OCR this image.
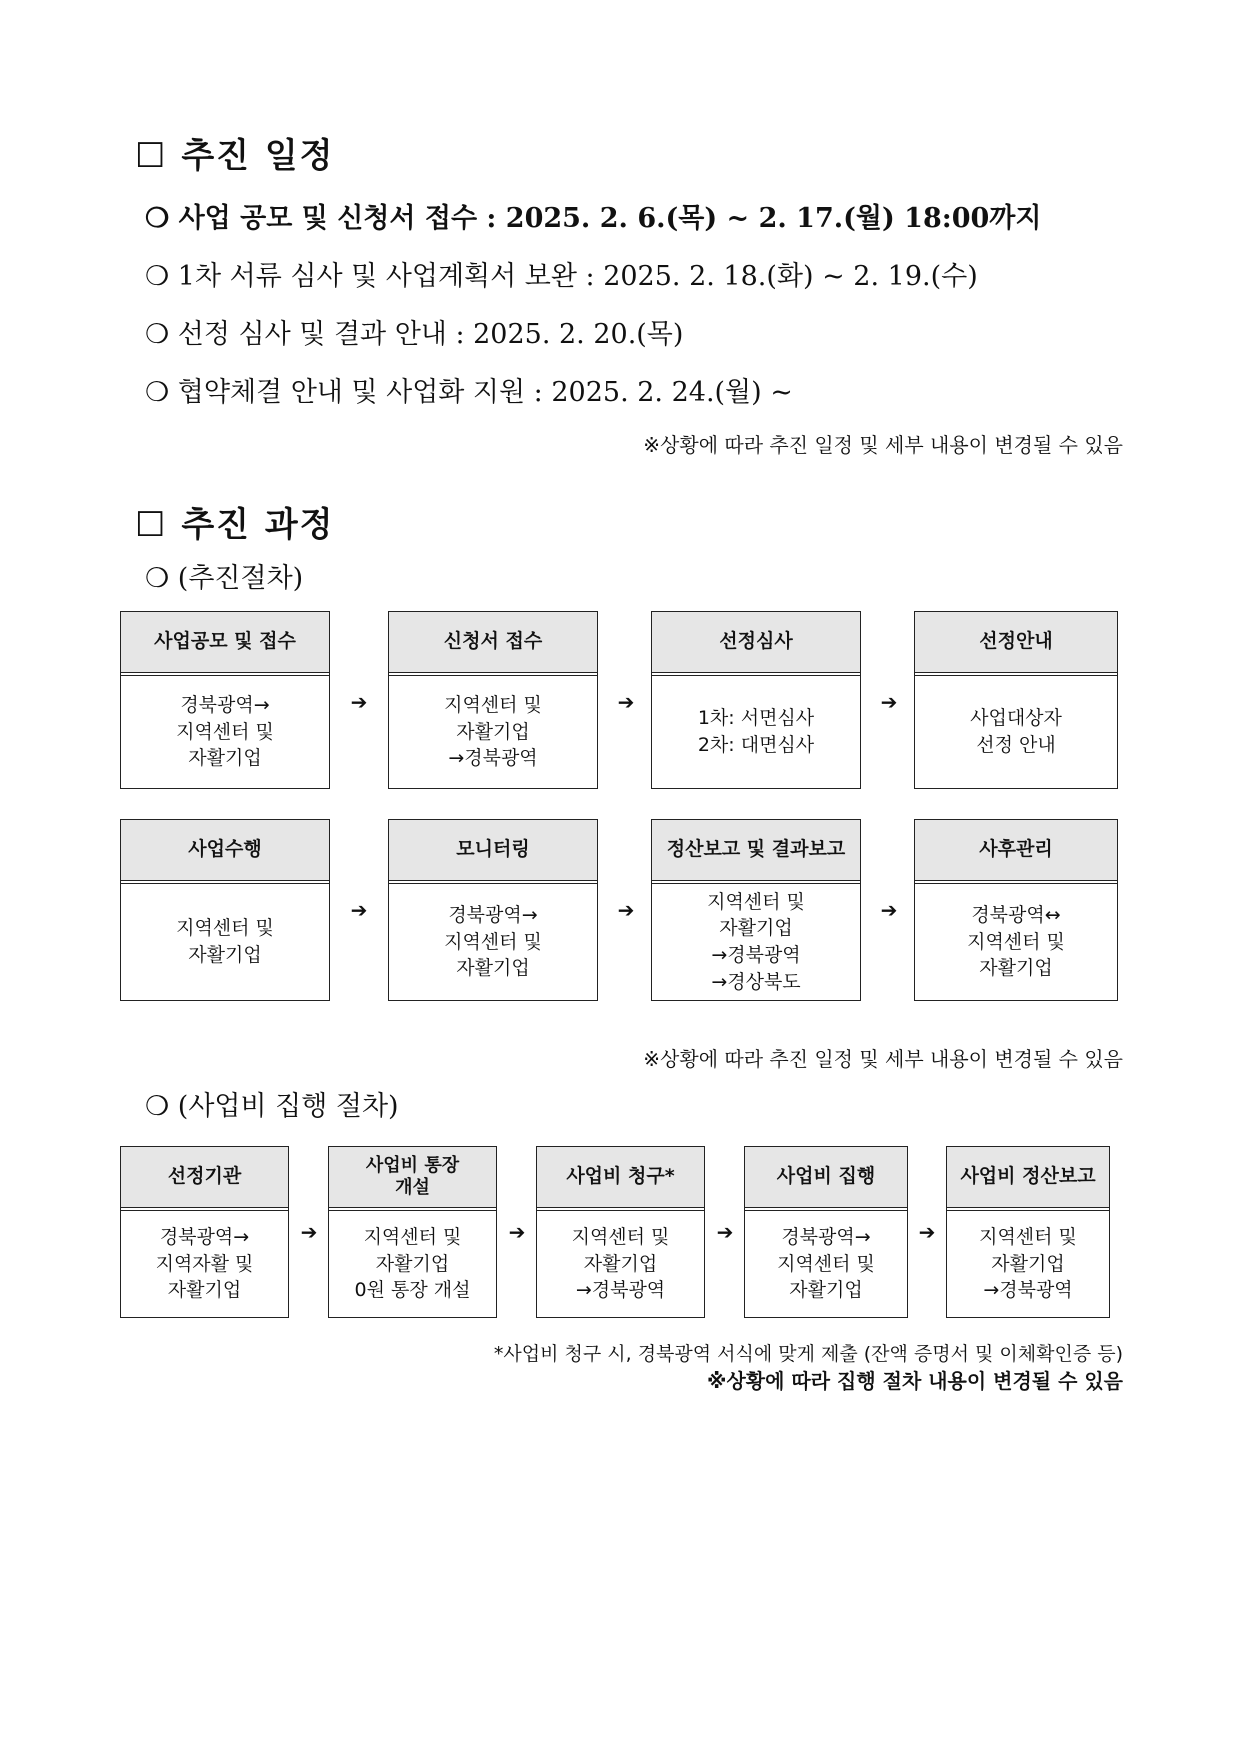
☐ 추진 일정
❍ 사업 공모 및 신청서 접수 : 2025. 2. 6.(목) ~ 2. 17.(월) 18:00까지
❍ 1차 서류 심사 및 사업계획서 보완 : 2025. 2. 18.(화) ~ 2. 19.(수)
❍ 선정 심사 및 결과 안내 : 2025. 2. 20.(목)
❍ 협약체결 안내 및 사업화 지원 : 2025. 2. 24.(월) ~
※상황에 따라 추진 일정 및 세부 내용이 변경될 수 있음
☐ 추진 과정
❍ (추진절차)
사업공모 및 접수
경북광역→
지역센터 및
자활기업
➔
신청서 접수
지역센터 및
자활기업
→경북광역
➔
선정심사
1차: 서면심사
2차: 대면심사
➔
선정안내
사업대상자
선정 안내
사업수행
지역센터 및
자활기업
➔
모니터링
경북광역→
지역센터 및
자활기업
➔
정산보고 및 결과보고
지역센터 및
자활기업
→경북광역
→경상북도
➔
사후관리
경북광역↔
지역센터 및
자활기업
※상황에 따라 추진 일정 및 세부 내용이 변경될 수 있음
❍ (사업비 집행 절차)
선정기관
경북광역→
지역자활 및
자활기업
➔
사업비 통장
개설
지역센터 및
자활기업
0원 통장 개설
➔
사업비 청구*
지역센터 및
자활기업
→경북광역
➔
사업비 집행
경북광역→
지역센터 및
자활기업
➔
사업비 정산보고
지역센터 및
자활기업
→경북광역
*사업비 청구 시, 경북광역 서식에 맞게 제출 (잔액 증명서 및 이체확인증 등)
※상황에 따라 집행 절차 내용이 변경될 수 있음
